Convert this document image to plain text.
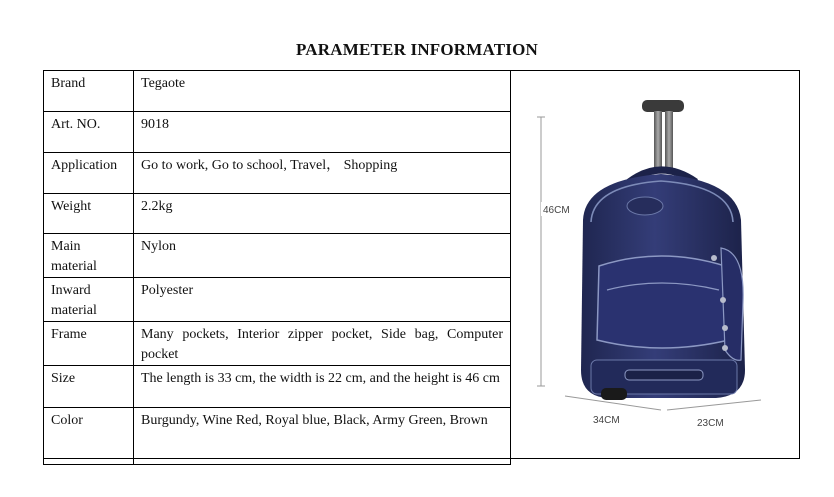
PARAMETER INFORMATION
Brand	Tegaote
Art. NO.	9018
Application	Go to work, Go to school, Travel， Shopping
Weight	2.2kg
Main material	Nylon
Inward material	Polyester
Frame	Many pockets, Interior zipper pocket, Side bag, Computer pocket
Size	The length is 33 cm, the width is 22 cm, and the height is 46 cm
Color	Burgundy, Wine Red, Royal blue, Black, Army Green, Brown
46CM
34CM	23CM
